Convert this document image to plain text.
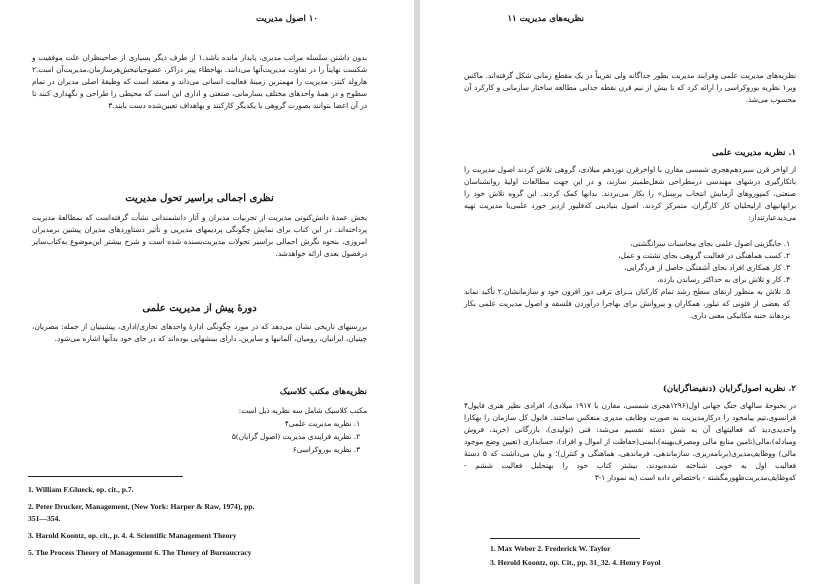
۱۰ اصول مدیریت
بدون داشتن سلسله مراتب مدیری، پایدار مانده باشد.۱ از طرف دیگر بسیاری از صاحبنظران علت موفقیت و شکست نهایتاً را در تفاوت مدیریت‌آنها می‌دانند. بهاحظاء پیتر دراکر، عضوحیاتبخش‌هرسازمان،مدیریت‌آن است.۲ هارولد کنتز، مدیریت را مهمترین زمینهٔ فعالیت انسانی می‌داند و معتقد است که وظیفهٔ اصلی مدیران در تمام سطوح و در همهٔ واحدهای مختلف بسازمانی، صنعتی و اداری این است که محیطی را طراحی و نگهداری کنند تا در آن اعضا بتوانند بصورت گروهی با یکدیگر کارکنند و بهاهداف تعیین‌شده دست یابند.۳
نظری اجمالی براسیر تحول مدیریت
بخش عمدهٔ دانش‌کنونی مدیریت از تجربیات مدیران و آثار دانشمندانی نشأت گرفته‌است که بمطالعهٔ مدیریت پرداخته‌اند. در این کتاب برای نمایش چگونگی پردیمهای مدیریی و تأثیر دستاوردهای مدیران پیشین برمدیران امروزی، بنحوه نگرش اجمالی براسیر تحولات مدیریت‌بسنده شده است و شرح بیشتر این‌موضوع به‌کتاب‌سایر درفصول بعدی ارائه خواهدشد.
دورهٔ پیش از مدیریت علمی
بررسیهای تاریخی نشان می‌دهد که در مورد چگونگی ادارهٔ واحدهای تجاری/اداری، پیشینیان از جمله: مصریان، چینیان، ایرانیان، رومیان، آلمانیها و سایرین، دارای بینشهایی بوده‌اند که در جای خود بدآنها اشاره می‌شود.
نظریه‌های مکتب کلاسیک
مکتب کلاسیک شامل سه نظریه ذیل است:
۱. نظریه مدیریت علمی۴
۲. نظریه فرایندی مدیریت (اصول گرایان)۵
۳. نظریه بوروکراسی۶
1. William F.Glueck, op. cit., p.7.
2. Peter Drucker, Management, (New York: Harper & Raw, 1974), pp.
351—354.
3. Harold Koontz, op. cit., p. 4. 4. Scientific Management Theory
5. The Process Theory of Management 6. The Theory of Bureaucracy
نظریه‌های مدیریت ۱۱
نظریه‌های مدیریت علمی وفرایند مدیریت بطور جداگانه ولی تقریباً در یک مقطع زمانی شکل گرفته‌اند. ماکس وبر۱ نظریه بوروکراسی را ارائه کرد که تا بیش از نیم قرن نقطه جذابی مطالعه ساختار سازمانی و کارکرد آن محسوب می‌شد.
۱. نظریه مدیریت علمی
از اواخر قرن سیزدهم‌هجری شمسی مقارن با اواخرقرن نوزدهم میلادی، گروهی تلاش کردند اصول مدیریت را باتکارگیری درشهای مهندسی درمطراحی شغل‌طمیتر سازند، و در این جهت مطالعات اولیهٔ روانشناسان صنعتی، کمپوروهای آزمایش انتخاب پرسنل» را بکار می‌بردند. بدانها کمک کردند. این گروه تلاش خود را برانهانیهای ازلیحلیان کار کارگران، متمرکز کردند. اصول بنیادینی که‌فلیور ازدیر خورد علمی‌با مدیریت تهیه می‌دیدعبارتنداز:
۱. جایگزینی اصول علمی بجای محاسبات سرانگشتی،
۲. کسب هماهنگی در فعالیت گروهی بجای تشتت و عمل،
۳. کار همکاری افراد بجای آشفتگی حاصل از فردگرایی،
۴. کار و تلاش برای به حداکثر رساندن بازده،
۵. تلاش به منظور ارتقای سطح رشد تمام کارکنان بــرای ترقی دوز افزون خود و سازمانشان.۲ تأکید نماند که بعضی از فئونی که تیلور، همکاران و پیروانش برای بهاجرا درآوردن فلسفه و اصول مدیریت علمی بکار بردهاند جنبه مکانیکی معنی داری.
۲. نظریه اصول‌گرایان (دنفیضاگرایان)
در بحبوحهٔ سالهای جنگ جهانی اول(۱۲۹۶هجری شمسی، مقارن با ۱۹۱۷ میلادی)، افرادی نظیر هنری فایول۴ فرانسوی،تیم پیامخود را درکارمدیریت به صورت وظایف مدیری منعکس ساختند. فایول کل سازمان را بهکارا واحدیدی‌دید که فعالیتهای آن به شش دسته تقسیم می‌شد: فنی (تولیدی)، بازرگانی (خرید، فروش ومبادله)،مالی(تامین منابع مالی ومصرف‌بهینه)،ایمنی(حفاظت از اموال و افراد)، حسابداری (تعیین وضع موجود مالی) ووظایف‌مدیری(برنامه‌ریزی، سازماندهی، فرماندهی، هماهنگی و کنترل)؛ و بیان می‌داشت که ۵ دستهٔ فعالیت اول به خوبی شناخته شده‌بودند، بیشتر کتاب خود را بهتحلیل فعالیت ششم - که‌وظایف‌مدیریت‌ظهورمگشته - باختصاص داده است (به نمودار ۱-۳
1. Max Weber 2. Frederick W. Taylor
3. Herold Koontz, op. Cit., pp. 31_32. 4. Henry Foyol
